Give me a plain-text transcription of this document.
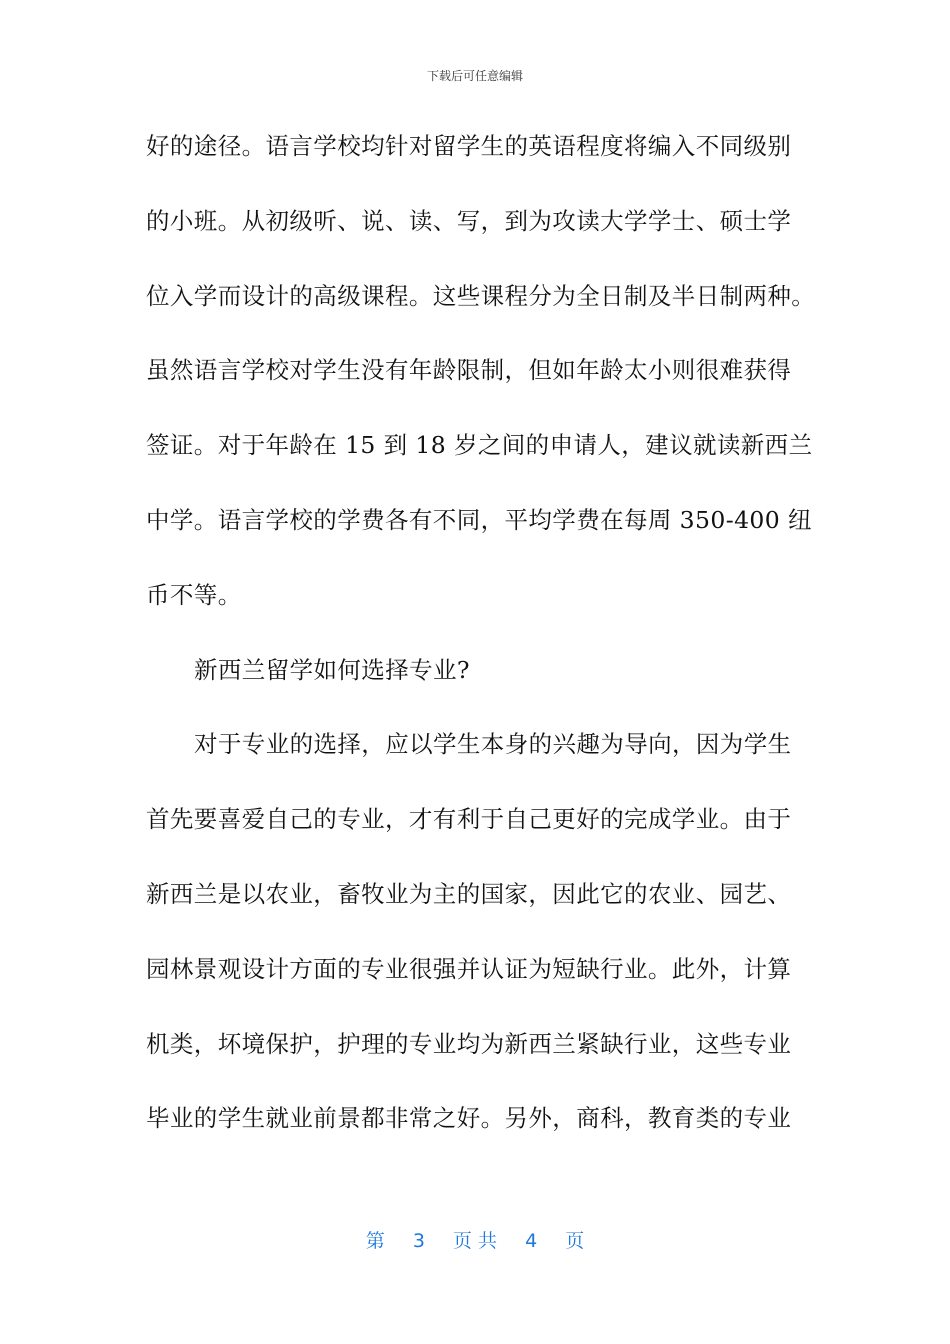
下载后可任意编辑
好的途径。语言学校均针对留学生的英语程度将编入不同级别
的小班。从初级听、说、读、写，到为攻读大学学士、硕士学
位入学而设计的高级课程。这些课程分为全日制及半日制两种。
虽然语言学校对学生没有年龄限制，但如年龄太小则很难获得
签证。对于年龄在 15 到 18 岁之间的申请人，建议就读新西兰
中学。语言学校的学费各有不同，平均学费在每周 350-400 纽
币不等。
新西兰留学如何选择专业?
对于专业的选择，应以学生本身的兴趣为导向，因为学生
首先要喜爱自己的专业，才有利于自己更好的完成学业。由于
新西兰是以农业，畜牧业为主的国家，因此它的农业、园艺、
园林景观设计方面的专业很强并认证为短缺行业。此外，计算
机类，坏境保护，护理的专业均为新西兰紧缺行业，这些专业
毕业的学生就业前景都非常之好。另外，商科，教育类的专业
第 3 页 共 4 页
